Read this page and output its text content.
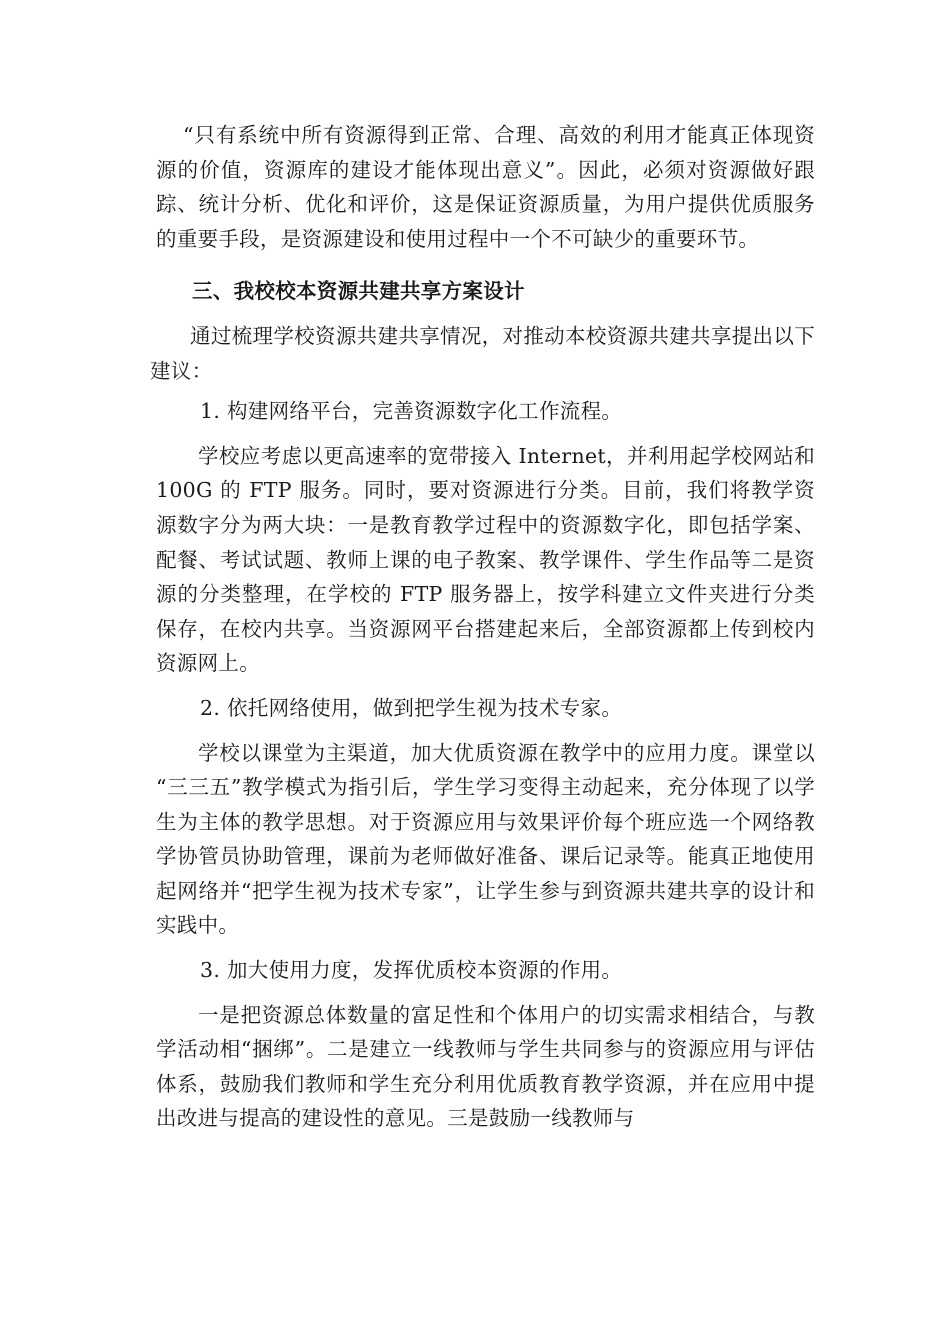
“只有系统中所有资源得到正常、合理、高效的利用才能真正体现资源的价值，资源库的建设才能体现出意义”。因此，必须对资源做好跟踪、统计分析、优化和评价，这是保证资源质量，为用户提供优质服务的重要手段，是资源建设和使用过程中一个不可缺少的重要环节。

三、我校校本资源共建共享方案设计

通过梳理学校资源共建共享情况，对推动本校资源共建共享提出以下建议：

1. 构建网络平台，完善资源数字化工作流程。

学校应考虑以更高速率的宽带接入 Internet，并利用起学校网站和 100G 的 FTP 服务。同时，要对资源进行分类。目前，我们将教学资源数字分为两大块：一是教育教学过程中的资源数字化，即包括学案、配餐、考试试题、教师上课的电子教案、教学课件、学生作品等二是资源的分类整理，在学校的 FTP 服务器上，按学科建立文件夹进行分类保存，在校内共享。当资源网平台搭建起来后，全部资源都上传到校内资源网上。

2. 依托网络使用，做到把学生视为技术专家。

学校以课堂为主渠道，加大优质资源在教学中的应用力度。课堂以 “三三五”教学模式为指引后，学生学习变得主动起来，充分体现了以学生为主体的教学思想。对于资源应用与效果评价每个班应选一个网络教学协管员协助管理，课前为老师做好准备、课后记录等。能真正地使用起网络并“把学生视为技术专家”，让学生参与到资源共建共享的设计和实践中。

3. 加大使用力度，发挥优质校本资源的作用。

一是把资源总体数量的富足性和个体用户的切实需求相结合，与教学活动相“捆绑”。二是建立一线教师与学生共同参与的资源应用与评估体系，鼓励我们教师和学生充分利用优质教育教学资源，并在应用中提出改进与提高的建设性的意见。三是鼓励一线教师与
